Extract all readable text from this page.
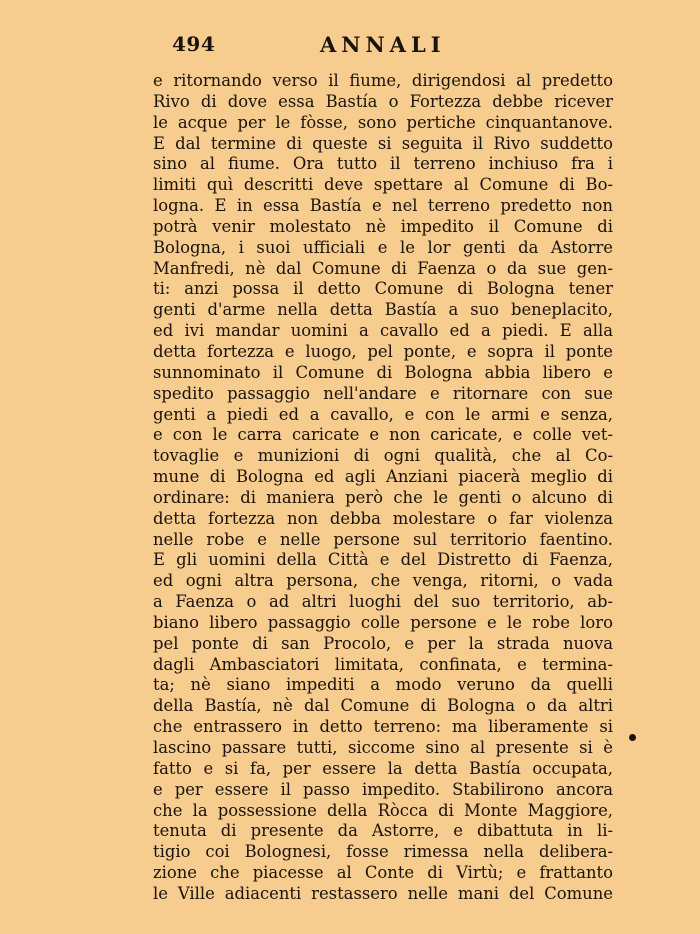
494	ANNALI
e ritornando verso il fiume, dirigendosi al predetto
Rivo di dove essa Bastía o Fortezza debbe ricever
le acque per le fòsse, sono pertiche cinquantanove.
E dal termine di queste si seguita il Rivo suddetto
sino al fiume. Ora tutto il terreno inchiuso fra i
limiti quì descritti deve spettare al Comune di Bo-
logna. E in essa Bastía e nel terreno predetto non
potrà venir molestato nè impedito il Comune di
Bologna, i suoi ufficiali e le lor genti da Astorre
Manfredi, nè dal Comune di Faenza o da sue gen-
ti: anzi possa il detto Comune di Bologna tener
genti d'arme nella detta Bastía a suo beneplacito,
ed ivi mandar uomini a cavallo ed a piedi. E alla
detta fortezza e luogo, pel ponte, e sopra il ponte
sunnominato il Comune di Bologna abbia libero e
spedito passaggio nell'andare e ritornare con sue
genti a piedi ed a cavallo, e con le armi e senza,
e con le carra caricate e non caricate, e colle vet-
tovaglie e munizioni di ogni qualità, che al Co-
mune di Bologna ed agli Anziani piacerà meglio di
ordinare: di maniera però che le genti o alcuno di
detta fortezza non debba molestare o far violenza
nelle robe e nelle persone sul territorio faentino.
E gli uomini della Città e del Distretto di Faenza,
ed ogni altra persona, che venga, ritorni, o vada
a Faenza o ad altri luoghi del suo territorio, ab-
biano libero passaggio colle persone e le robe loro
pel ponte di san Procolo, e per la strada nuova
dagli Ambasciatori limitata, confinata, e termina-
ta; nè siano impediti a modo veruno da quelli
della Bastía, nè dal Comune di Bologna o da altri
che entrassero in detto terreno: ma liberamente si
lascino passare tutti, siccome sino al presente si è
fatto e si fa, per essere la detta Bastía occupata,
e per essere il passo impedito. Stabilirono ancora
che la possessione della Ròcca di Monte Maggiore,
tenuta di presente da Astorre, e dibattuta in li-
tigio coi Bolognesi, fosse rimessa nella delibera-
zione che piacesse al Conte di Virtù; e frattanto
le Ville adiacenti restassero nelle mani del Comune
